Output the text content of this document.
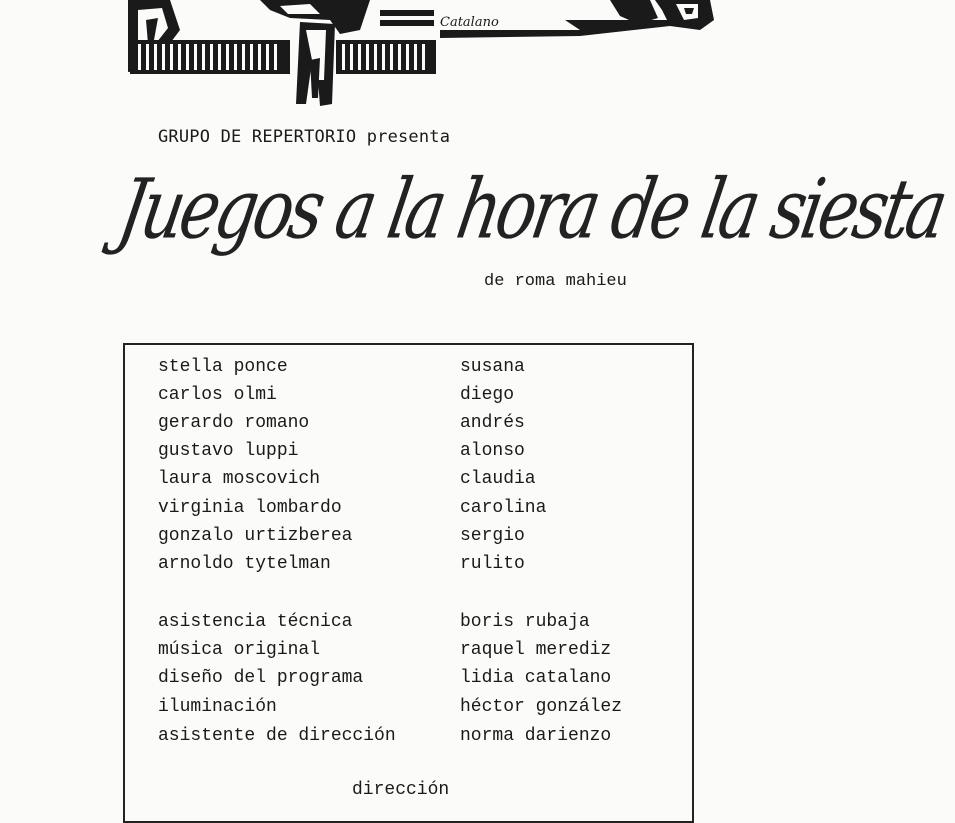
Catalano
GRUPO DE REPERTORIO presenta
Juegos a la hora de la siesta
de roma mahieu
stella ponce	susana
carlos olmi	diego
gerardo romano	andrés
gustavo luppi	alonso
laura moscovich	claudia
virginia lombardo	carolina
gonzalo urtizberea	sergio
arnoldo tytelman	rulito
asistencia técnica	boris rubaja
música original	raquel merediz
diseño del programa	lidia catalano
iluminación	héctor gonzález
asistente de dirección	norma darienzo
dirección
